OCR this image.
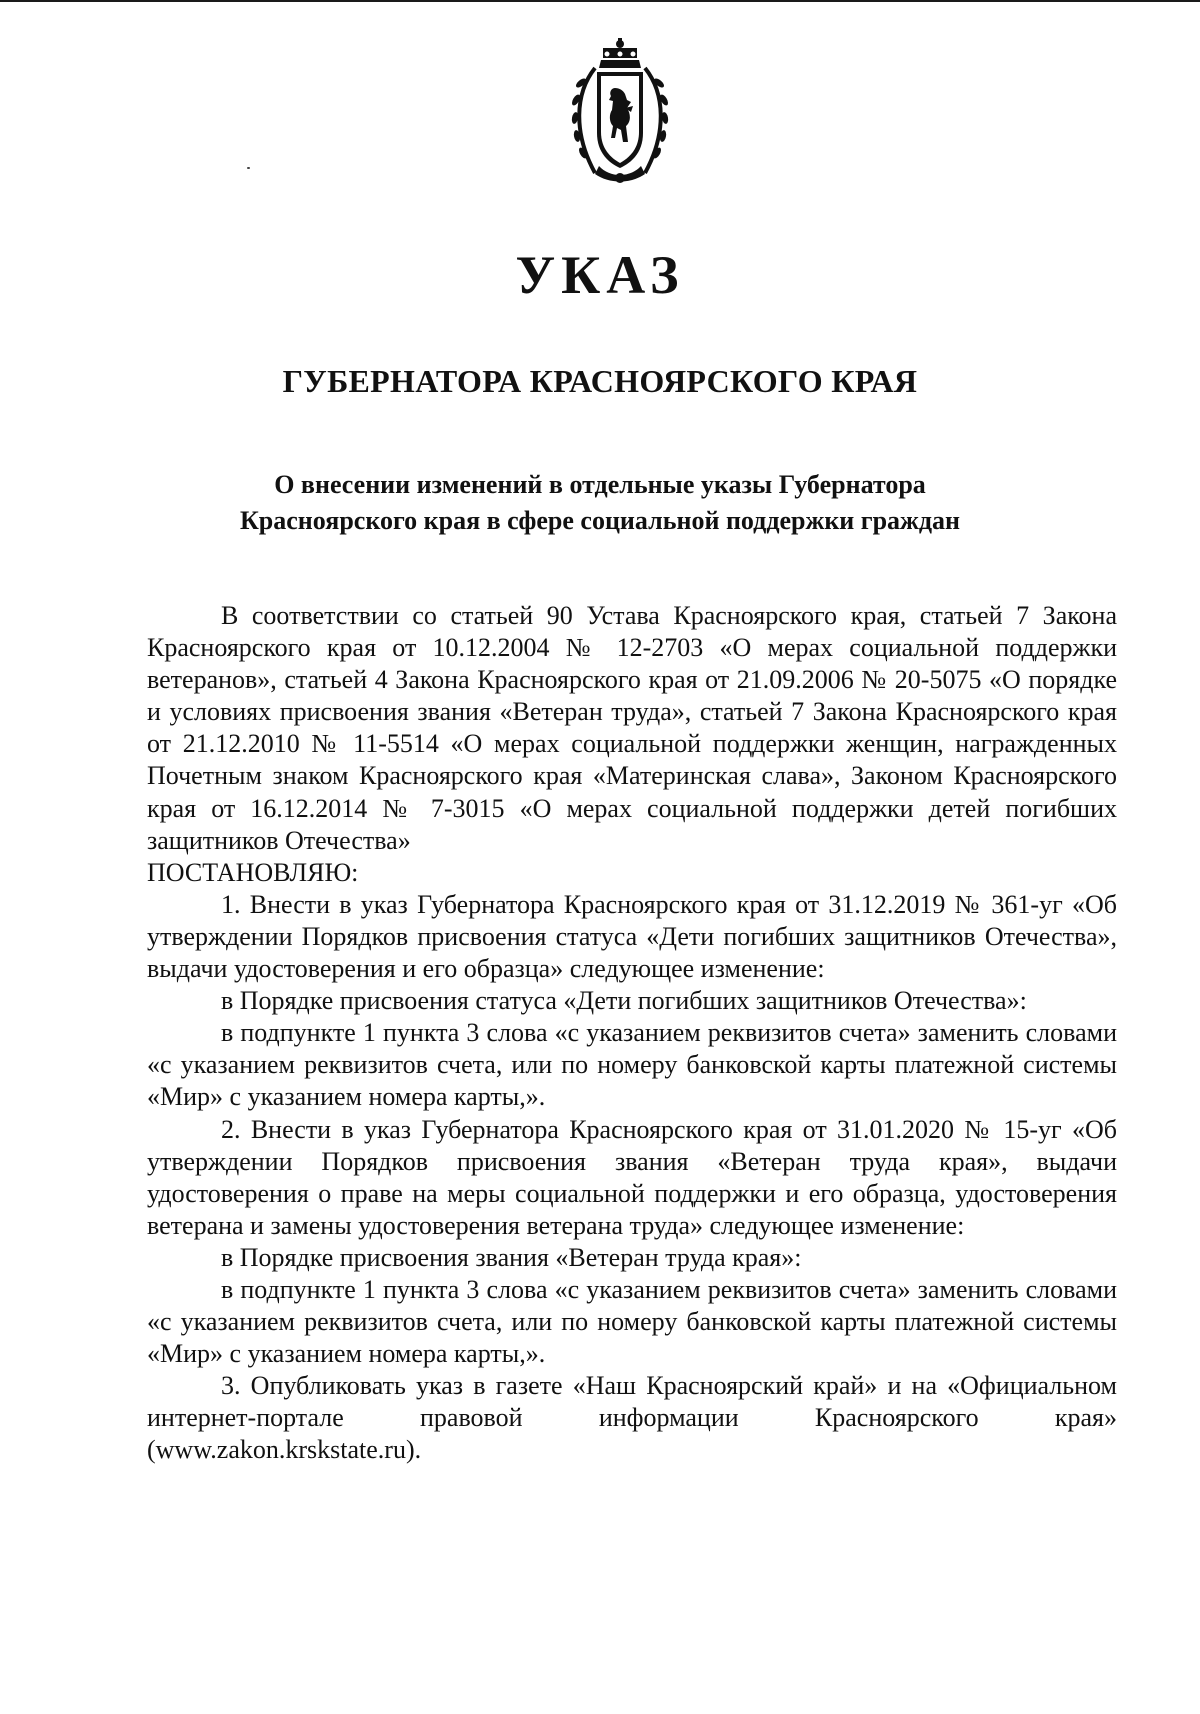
УКАЗ
ГУБЕРНАТОРА КРАСНОЯРСКОГО КРАЯ
О внесении изменений в отдельные указы Губернатора
Красноярского края в сфере социальной поддержки граждан

В соответствии со статьей 90 Устава Красноярского края, статьей 7 Закона Красноярского края от 10.12.2004 № 12-2703 «О мерах социальной поддержки ветеранов», статьей 4 Закона Красноярского края от 21.09.2006 № 20-5075 «О порядке и условиях присвоения звания «Ветеран труда», статьей 7 Закона Красноярского края от 21.12.2010 № 11-5514 «О мерах социальной поддержки женщин, награжденных Почетным знаком Красноярского края «Материнская слава», Законом Красноярского края от 16.12.2014 № 7-3015 «О мерах социальной поддержки детей погибших защитников Отечества»

ПОСТАНОВЛЯЮ:

1. Внести в указ Губернатора Красноярского края от 31.12.2019 № 361-уг «Об утверждении Порядков присвоения статуса «Дети погибших защитников Отечества», выдачи удостоверения и его образца» следующее изменение:

в Порядке присвоения статуса «Дети погибших защитников Отечества»:

в подпункте 1 пункта 3 слова «с указанием реквизитов счета» заменить словами «с указанием реквизитов счета, или по номеру банковской карты платежной системы «Мир» с указанием номера карты,».

2. Внести в указ Губернатора Красноярского края от 31.01.2020 № 15-уг «Об утверждении Порядков присвоения звания «Ветеран труда края», выдачи удостоверения о праве на меры социальной поддержки и его образца, удостоверения ветерана и замены удостоверения ветерана труда» следующее изменение:

в Порядке присвоения звания «Ветеран труда края»:

в подпункте 1 пункта 3 слова «с указанием реквизитов счета» заменить словами «с указанием реквизитов счета, или по номеру банковской карты платежной системы «Мир» с указанием номера карты,».

3. Опубликовать указ в газете «Наш Красноярский край» и на «Официальном интернет-портале правовой информации Красноярского края» (www.zakon.krskstate.ru).
